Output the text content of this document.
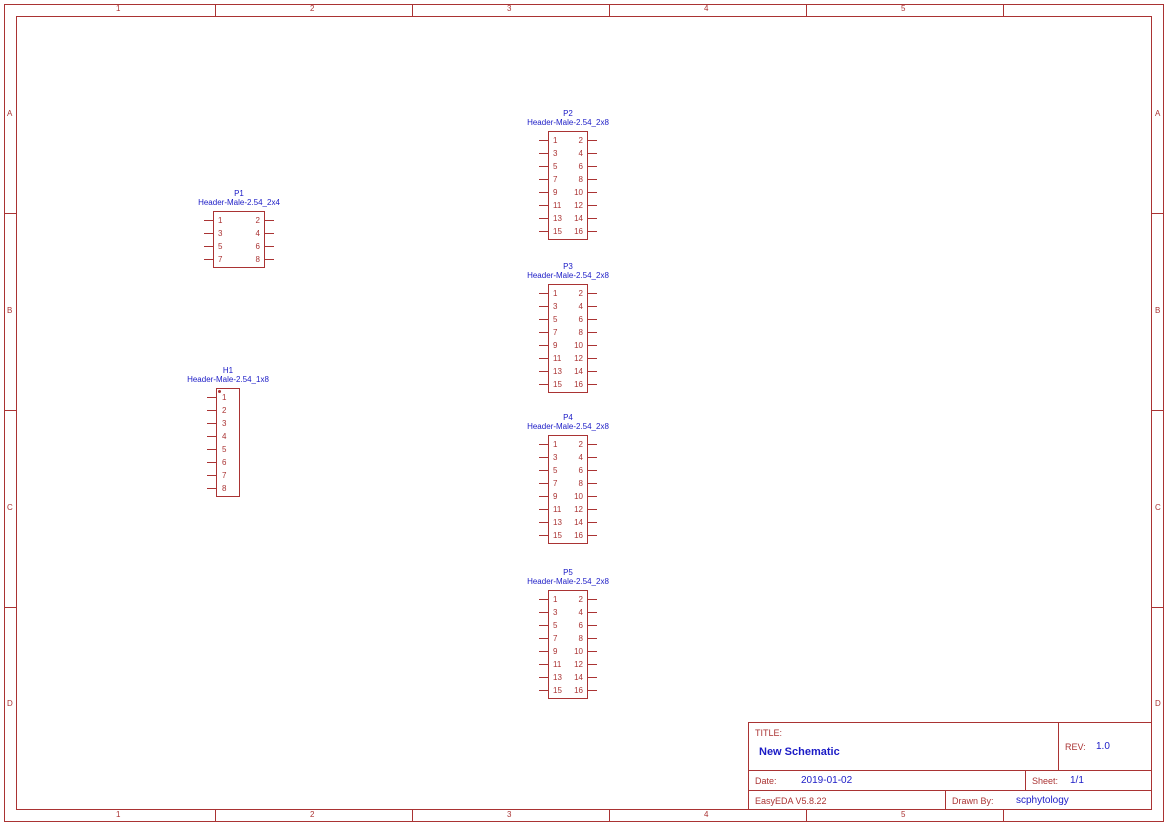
1	2	3	4	5
1	2	3	4	5
A
B
C
D
A
B
C
D
P1
Header-Male-2.54_2x4
1	2
3	4
5	6
7	8
P2
Header-Male-2.54_2x8
1	2
3	4
5	6
7	8
9 10
11 12
13 14
15 16
P3
Header-Male-2.54_2x8
1	2
3	4
5	6
7	8
9 10
11 12
13 14
15 16
P4
Header-Male-2.54_2x8
1	2
3	4
5	6
7	8
9 10
11 12
13 14
15 16
P5
Header-Male-2.54_2x8
1	2
3	4
5	6
7	8
9 10
11 12
13 14
15 16
H1
Header-Male-2.54_1x8
1
2
3
4
5
6
7
8
TITLE:
New Schematic	REV: 1.0
Date: 2019-01-02	Sheet: 1/1
EasyEDA V5.8.22	Drawn By: scphytology
